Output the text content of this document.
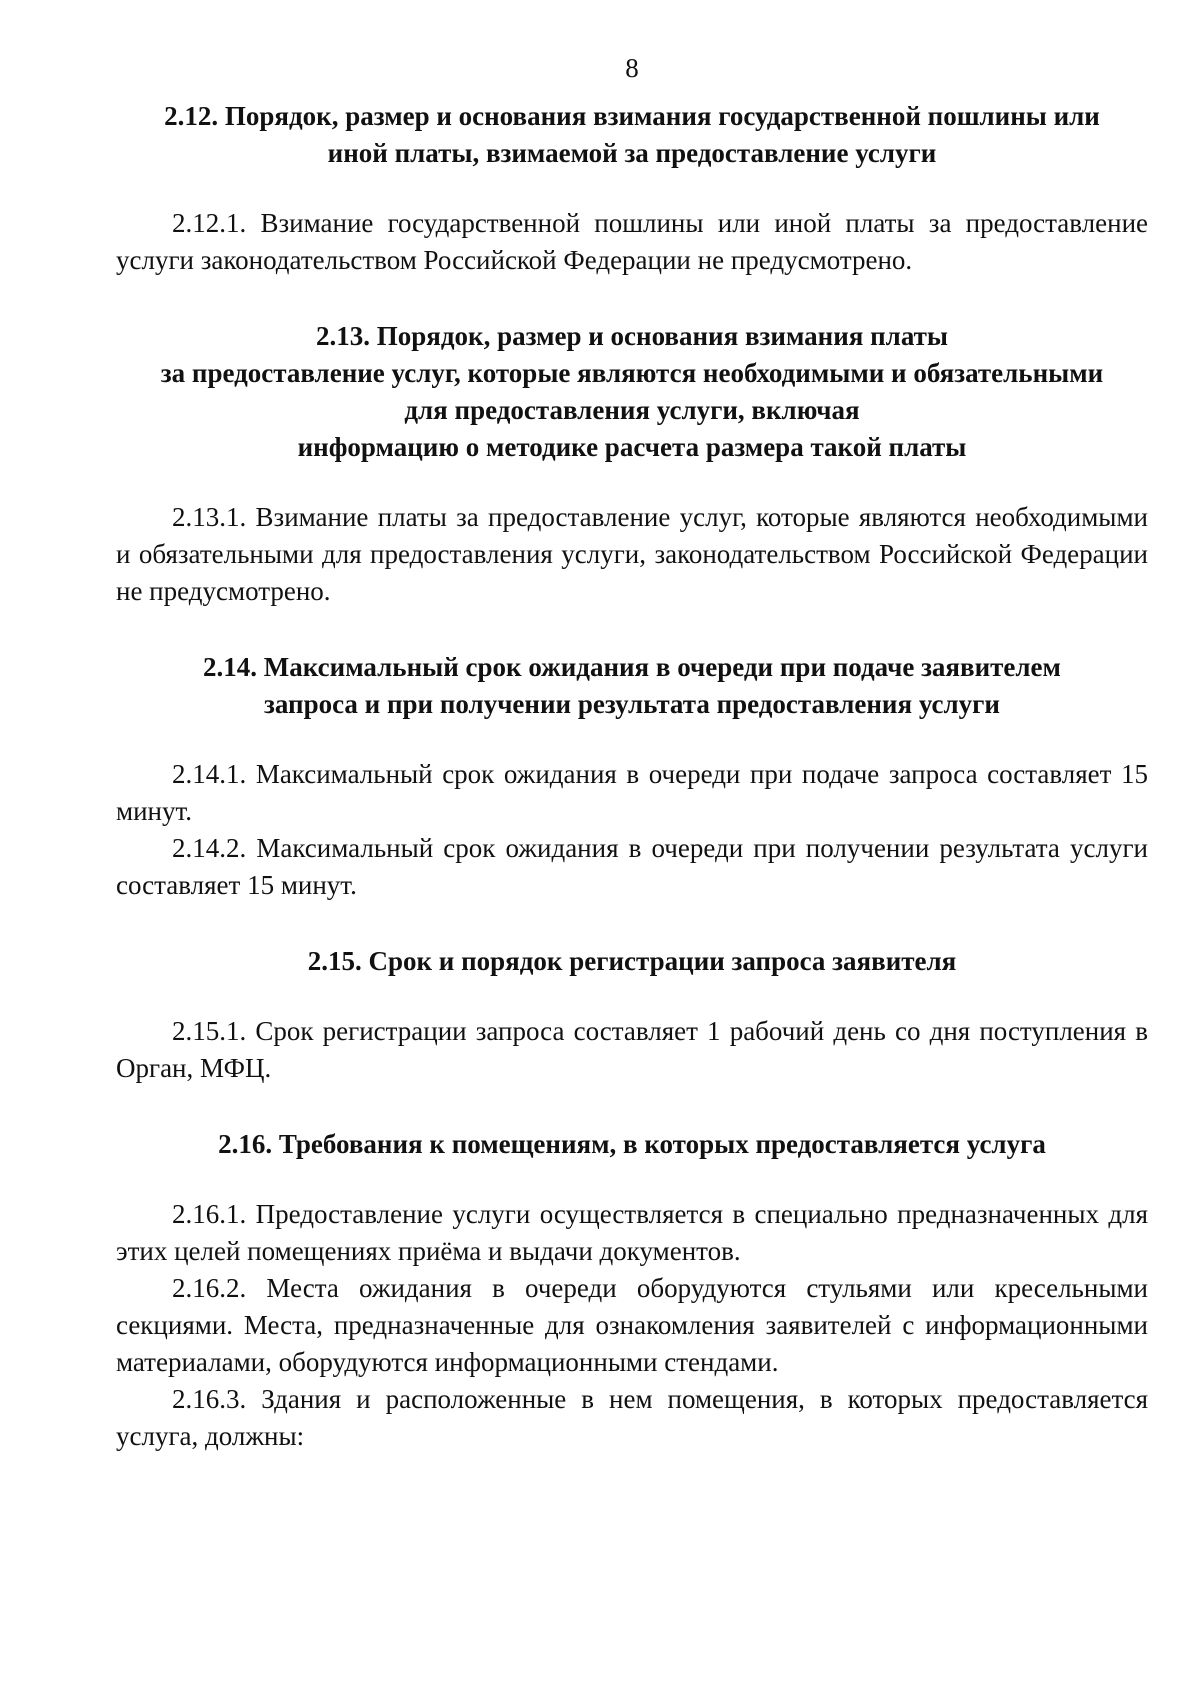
8
2.12. Порядок, размер и основания взимания государственной пошлины или
иной платы, взимаемой за предоставление услуги

2.12.1. Взимание государственной пошлины или иной платы за предоставление услуги законодательством Российской Федерации не предусмотрено.

2.13. Порядок, размер и основания взимания платы
за предоставление услуг, которые являются необходимыми и обязательными
для предоставления услуги, включая
информацию о методике расчета размера такой платы

2.13.1. Взимание платы за предоставление услуг, которые являются необходимыми и обязательными для предоставления услуги, законодательством Российской Федерации не предусмотрено.

2.14. Максимальный срок ожидания в очереди при подаче заявителем
запроса и при получении результата предоставления услуги

2.14.1. Максимальный срок ожидания в очереди при подаче запроса составляет 15 минут.

2.14.2. Максимальный срок ожидания в очереди при получении результата услуги составляет 15 минут.

2.15. Срок и порядок регистрации запроса заявителя

2.15.1. Срок регистрации запроса составляет 1 рабочий день со дня поступления в Орган, МФЦ.

2.16. Требования к помещениям, в которых предоставляется услуга

2.16.1. Предоставление услуги осуществляется в специально предназначенных для этих целей помещениях приёма и выдачи документов.

2.16.2. Места ожидания в очереди оборудуются стульями или кресельными секциями. Места, предназначенные для ознакомления заявителей с информационными материалами, оборудуются информационными стендами.

2.16.3. Здания и расположенные в нем помещения, в которых предоставляется услуга, должны:
